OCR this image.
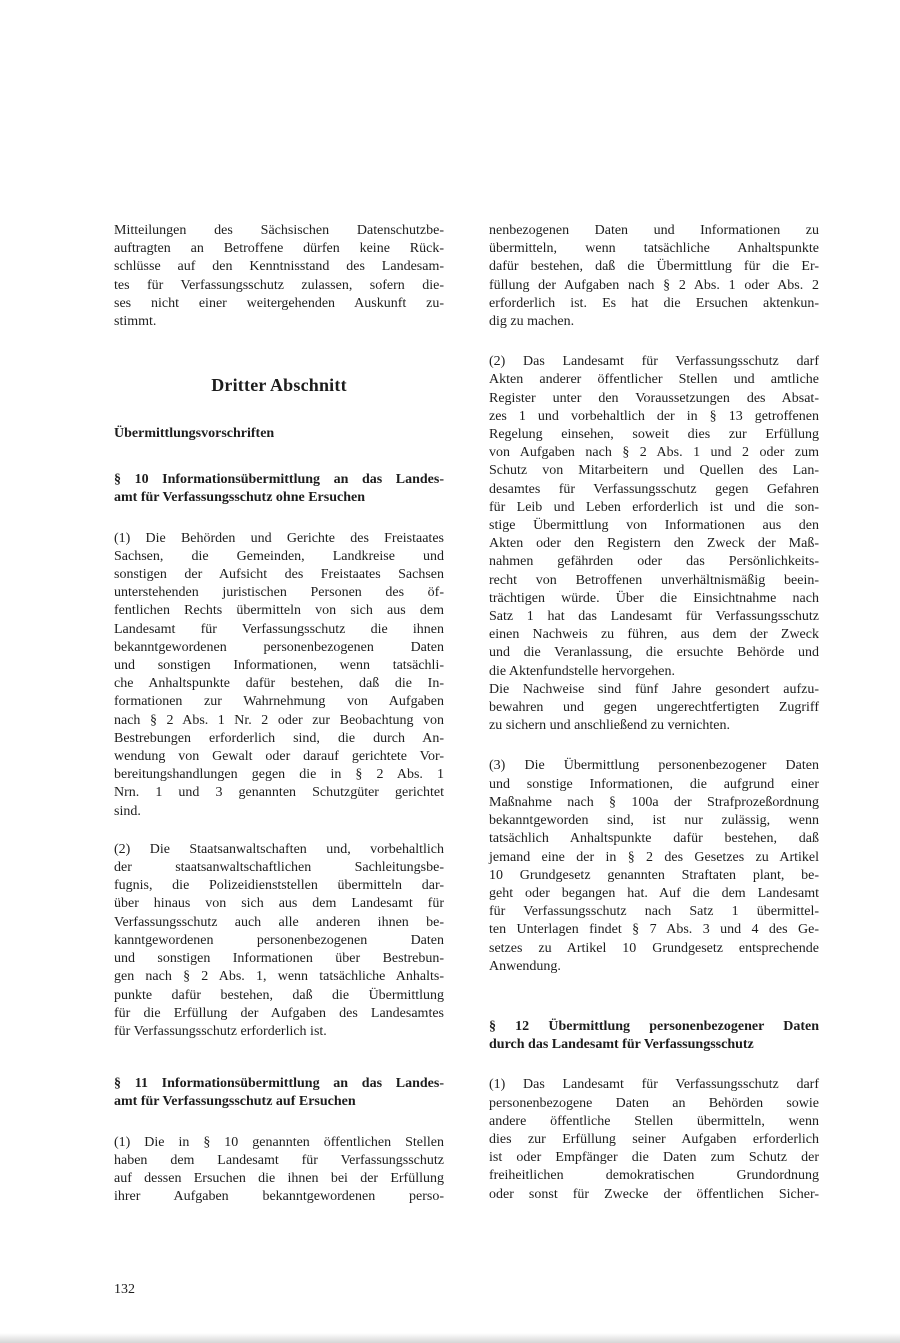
Mitteilungen des Sächsischen Datenschutzbe-
auftragten an Betroffene dürfen keine Rück-
schlüsse auf den Kenntnisstand des Landesam-
tes für Verfassungsschutz zulassen, sofern die-
ses nicht einer weitergehenden Auskunft zu-
stimmt.
Dritter Abschnitt
Übermittlungsvorschriften
§ 10 Informationsübermittlung an das Landes-
amt für Verfassungsschutz ohne Ersuchen
(1) Die Behörden und Gerichte des Freistaates
Sachsen, die Gemeinden, Landkreise und
sonstigen der Aufsicht des Freistaates Sachsen
unterstehenden juristischen Personen des öf-
fentlichen Rechts übermitteln von sich aus dem
Landesamt für Verfassungsschutz die ihnen
bekanntgewordenen personenbezogenen Daten
und sonstigen Informationen, wenn tatsächli-
che Anhaltspunkte dafür bestehen, daß die In-
formationen zur Wahrnehmung von Aufgaben
nach § 2 Abs. 1 Nr. 2 oder zur Beobachtung von
Bestrebungen erforderlich sind, die durch An-
wendung von Gewalt oder darauf gerichtete Vor-
bereitungshandlungen gegen die in § 2 Abs. 1
Nrn. 1 und 3 genannten Schutzgüter gerichtet
sind.
(2) Die Staatsanwaltschaften und, vorbehaltlich
der staatsanwaltschaftlichen Sachleitungsbe-
fugnis, die Polizeidienststellen übermitteln dar-
über hinaus von sich aus dem Landesamt für
Verfassungsschutz auch alle anderen ihnen be-
kanntgewordenen personenbezogenen Daten
und sonstigen Informationen über Bestrebun-
gen nach § 2 Abs. 1, wenn tatsächliche Anhalts-
punkte dafür bestehen, daß die Übermittlung
für die Erfüllung der Aufgaben des Landesamtes
für Verfassungsschutz erforderlich ist.
§ 11 Informationsübermittlung an das Landes-
amt für Verfassungsschutz auf Ersuchen
(1) Die in § 10 genannten öffentlichen Stellen
haben dem Landesamt für Verfassungsschutz
auf dessen Ersuchen die ihnen bei der Erfüllung
ihrer Aufgaben bekanntgewordenen perso-
nenbezogenen Daten und Informationen zu
übermitteln, wenn tatsächliche Anhaltspunkte
dafür bestehen, daß die Übermittlung für die Er-
füllung der Aufgaben nach § 2 Abs. 1 oder Abs. 2
erforderlich ist. Es hat die Ersuchen aktenkun-
dig zu machen.
(2) Das Landesamt für Verfassungsschutz darf
Akten anderer öffentlicher Stellen und amtliche
Register unter den Voraussetzungen des Absat-
zes 1 und vorbehaltlich der in § 13 getroffenen
Regelung einsehen, soweit dies zur Erfüllung
von Aufgaben nach § 2 Abs. 1 und 2 oder zum
Schutz von Mitarbeitern und Quellen des Lan-
desamtes für Verfassungsschutz gegen Gefahren
für Leib und Leben erforderlich ist und die son-
stige Übermittlung von Informationen aus den
Akten oder den Registern den Zweck der Maß-
nahmen gefährden oder das Persönlichkeits-
recht von Betroffenen unverhältnismäßig beein-
trächtigen würde. Über die Einsichtnahme nach
Satz 1 hat das Landesamt für Verfassungsschutz
einen Nachweis zu führen, aus dem der Zweck
und die Veranlassung, die ersuchte Behörde und
die Aktenfundstelle hervorgehen.
Die Nachweise sind fünf Jahre gesondert aufzu-
bewahren und gegen ungerechtfertigten Zugriff
zu sichern und anschließend zu vernichten.
(3) Die Übermittlung personenbezogener Daten
und sonstige Informationen, die aufgrund einer
Maßnahme nach § 100a der Strafprozeßordnung
bekanntgeworden sind, ist nur zulässig, wenn
tatsächlich Anhaltspunkte dafür bestehen, daß
jemand eine der in § 2 des Gesetzes zu Artikel
10 Grundgesetz genannten Straftaten plant, be-
geht oder begangen hat. Auf die dem Landesamt
für Verfassungsschutz nach Satz 1 übermittel-
ten Unterlagen findet § 7 Abs. 3 und 4 des Ge-
setzes zu Artikel 10 Grundgesetz entsprechende
Anwendung.
§ 12 Übermittlung personenbezogener Daten
durch das Landesamt für Verfassungsschutz
(1) Das Landesamt für Verfassungsschutz darf
personenbezogene Daten an Behörden sowie
andere öffentliche Stellen übermitteln, wenn
dies zur Erfüllung seiner Aufgaben erforderlich
ist oder Empfänger die Daten zum Schutz der
freiheitlichen demokratischen Grundordnung
oder sonst für Zwecke der öffentlichen Sicher-
132
